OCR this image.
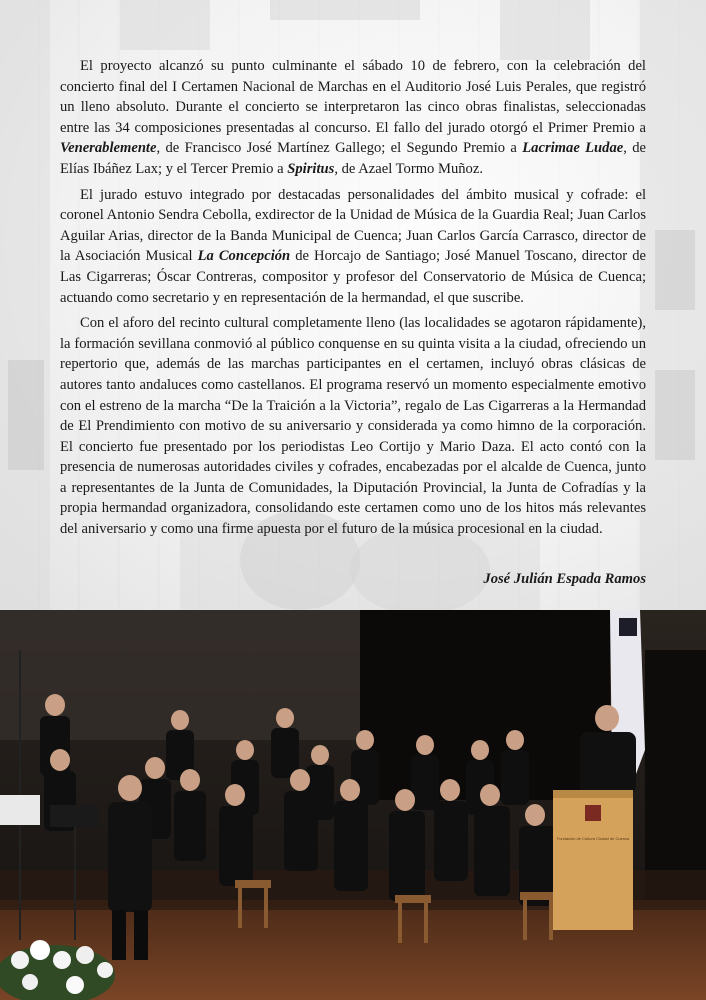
El proyecto alcanzó su punto culminante el sábado 10 de febrero, con la celebración del concierto final del I Certamen Nacional de Marchas en el Auditorio José Luis Perales, que registró un lleno absoluto. Durante el concierto se interpretaron las cinco obras finalistas, seleccionadas entre las 34 composiciones presentadas al concurso. El fallo del jurado otorgó el Primer Premio a Venerablemente, de Francisco José Martínez Gallego; el Segundo Premio a Lacrimae Ludae, de Elías Ibáñez Lax; y el Tercer Premio a Spiritus, de Azael Tormo Muñoz.

El jurado estuvo integrado por destacadas personalidades del ámbito musical y cofrade: el coronel Antonio Sendra Cebolla, exdirector de la Unidad de Música de la Guardia Real; Juan Carlos Aguilar Arias, director de la Banda Municipal de Cuenca; Juan Carlos García Carrasco, director de la Asociación Musical La Concepción de Horcajo de Santiago; José Manuel Toscano, director de Las Cigarreras; Óscar Contreras, compositor y profesor del Conservatorio de Música de Cuenca; actuando como secretario y en representación de la hermandad, el que suscribe.

Con el aforo del recinto cultural completamente lleno (las localidades se agotaron rápidamente), la formación sevillana conmovió al público conquense en su quinta visita a la ciudad, ofreciendo un repertorio que, además de las marchas participantes en el certamen, incluyó obras clásicas de autores tanto andaluces como castellanos. El programa reservó un momento especialmente emotivo con el estreno de la marcha “De la Traición a la Victoria”, regalo de Las Cigarreras a la Hermandad de El Prendimiento con motivo de su aniversario y considerada ya como himno de la corporación. El concierto fue presentado por los periodistas Leo Cortijo y Mario Daza. El acto contó con la presencia de numerosas autoridades civiles y cofrades, encabezadas por el alcalde de Cuenca, junto a representantes de la Junta de Comunidades, la Diputación Provincial, la Junta de Cofradías y la propia hermandad organizadora, consolidando este certamen como uno de los hitos más relevantes del aniversario y como una firme apuesta por el futuro de la música procesional en la ciudad.

José Julián Espada Ramos
Fundación de Cultura Ciudad de Cuenca
